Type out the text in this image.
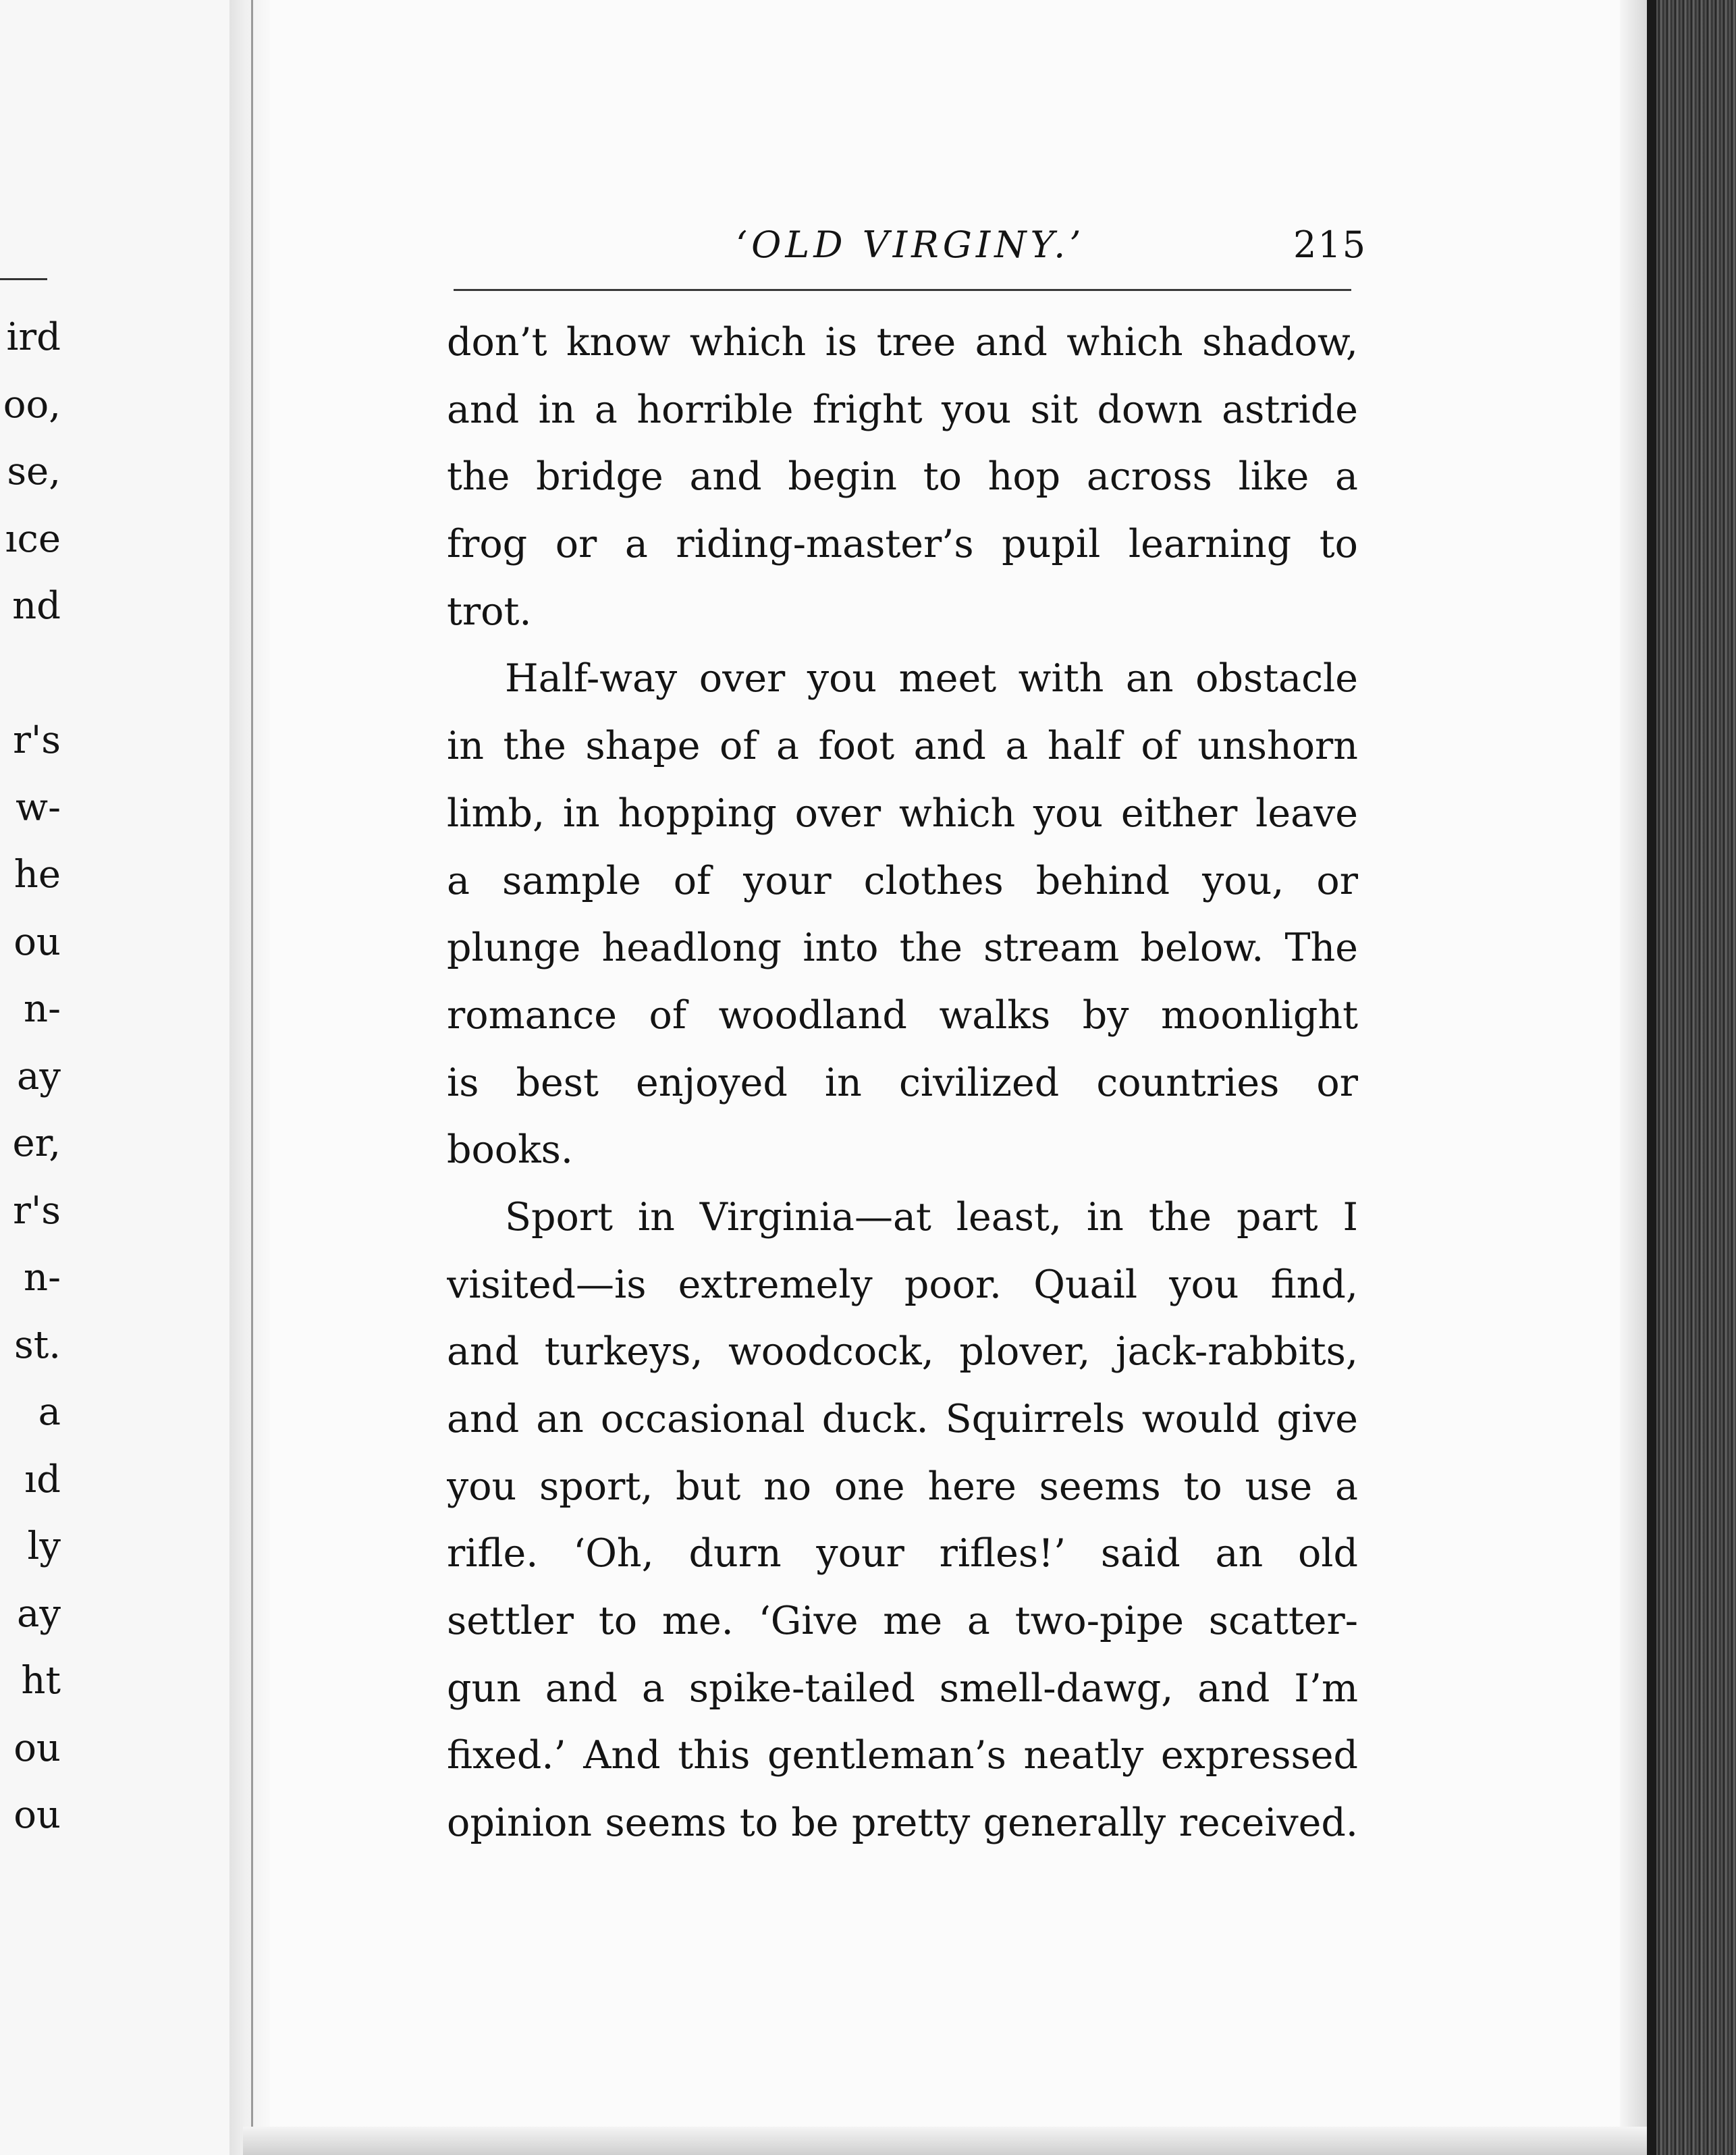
ird
oo,
se,
ıce
nd
r's
w-
he
ou
n-
ay
er,
r's
n-
st.
a
ıd
ly
ay
ht
ou
ou
‘OLD VIRGINY.’	215
don’t know which is tree and which shadow,
and in a horrible fright you sit down astride
the bridge and begin to hop across like a
frog or a riding-master’s pupil learning to
trot.
Half-way over you meet with an obstacle
in the shape of a foot and a half of unshorn
limb, in hopping over which you either leave
a sample of your clothes behind you, or
plunge headlong into the stream below. The
romance of woodland walks by moonlight
is best enjoyed in civilized countries or
books.
Sport in Virginia—at least, in the part I
visited—is extremely poor. Quail you find,
and turkeys, woodcock, plover, jack-rabbits,
and an occasional duck. Squirrels would give
you sport, but no one here seems to use a
rifle. ‘Oh, durn your rifles!’ said an old
settler to me. ‘Give me a two-pipe scatter-
gun and a spike-tailed smell-dawg, and I’m
fixed.’ And this gentleman’s neatly expressed
opinion seems to be pretty generally received.
